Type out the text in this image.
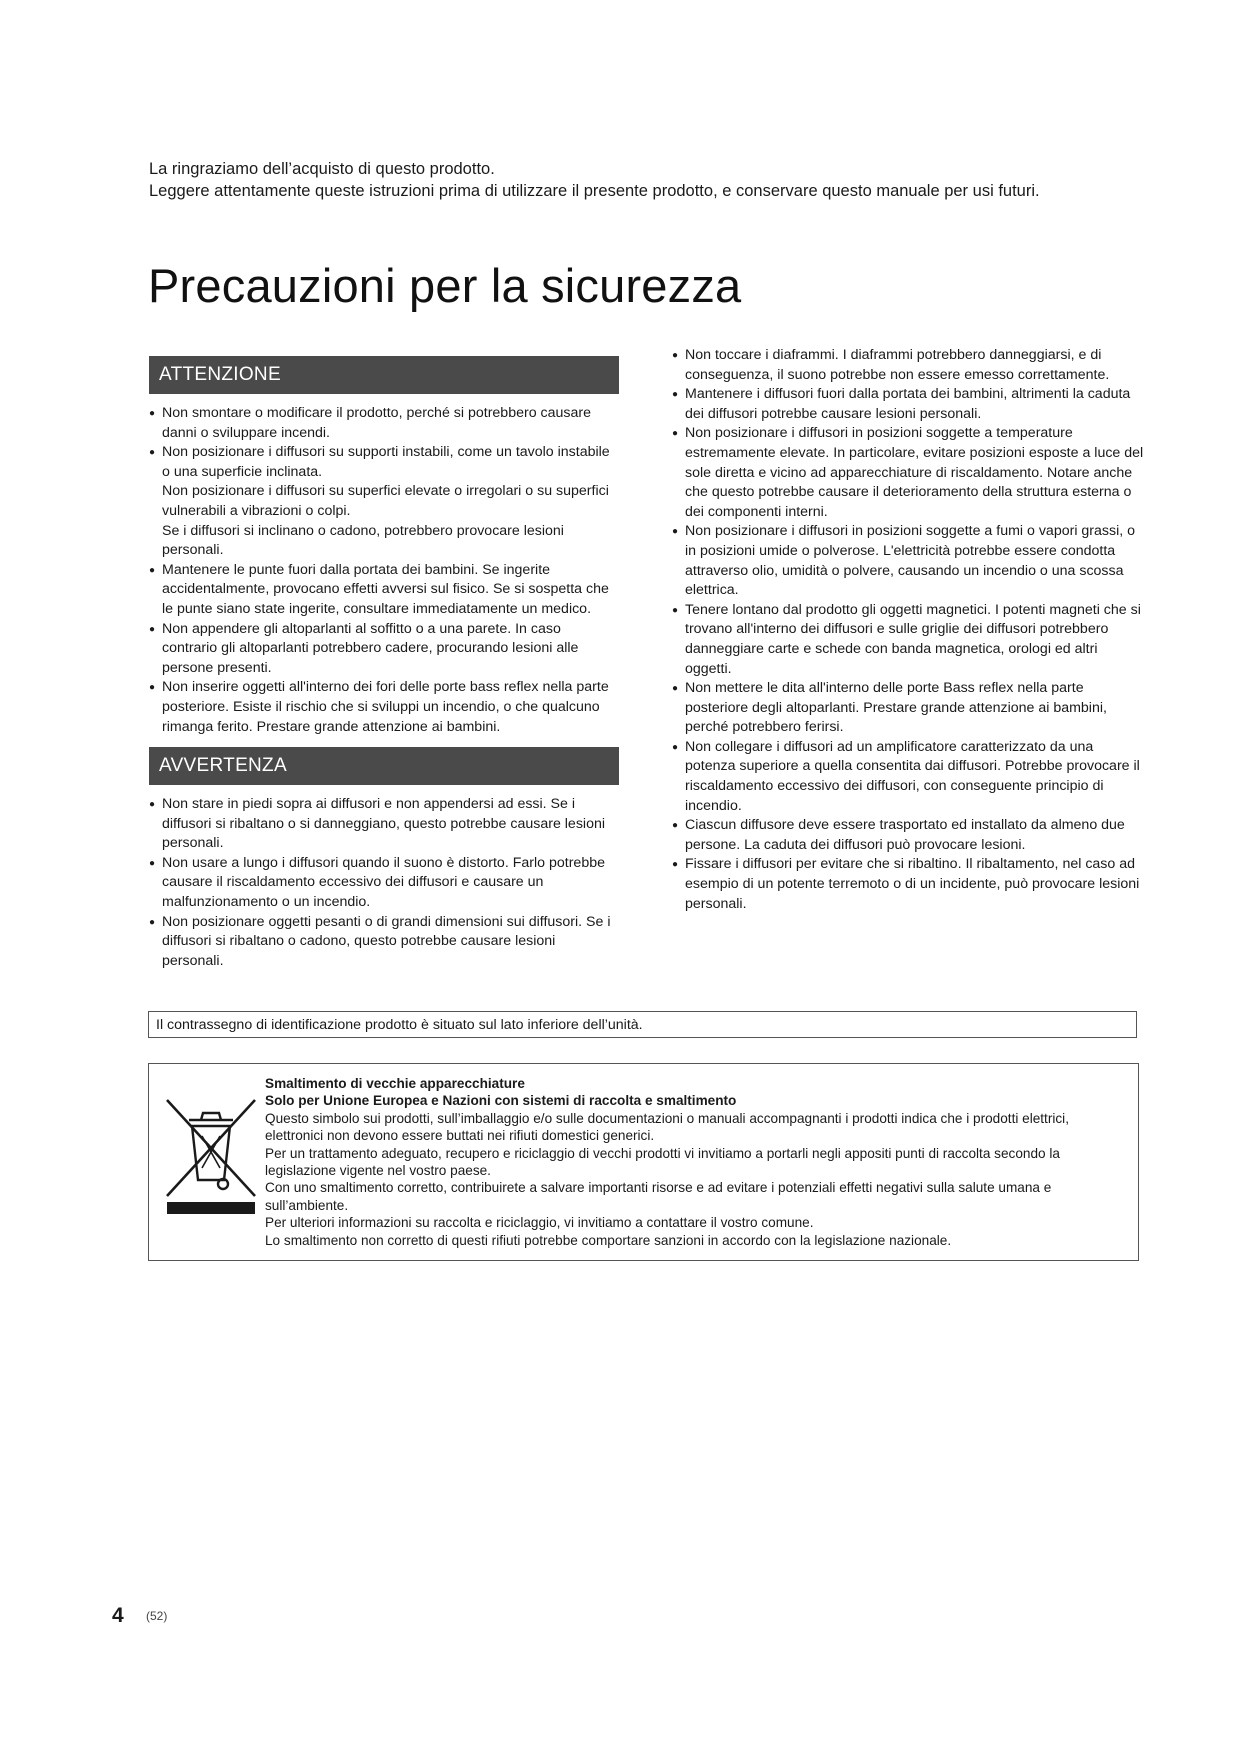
La ringraziamo dell’acquisto di questo prodotto.
Leggere attentamente queste istruzioni prima di utilizzare il presente prodotto, e conservare questo manuale per usi futuri.
Precauzioni per la sicurezza
ATTENZIONE

● Non smontare o modificare il prodotto, perché si potrebbero causare danni o sviluppare incendi.

● Non posizionare i diffusori su supporti instabili, come un tavolo instabile o una superficie inclinata.

Non posizionare i diffusori su superfici elevate o irregolari o su superfici vulnerabili a vibrazioni o colpi.

Se i diffusori si inclinano o cadono, potrebbero provocare lesioni personali.

● Mantenere le punte fuori dalla portata dei bambini. Se ingerite accidentalmente, provocano effetti avversi sul fisico. Se si sospetta che le punte siano state ingerite, consultare immediatamente un medico.

● Non appendere gli altoparlanti al soffitto o a una parete. In caso contrario gli altoparlanti potrebbero cadere, procurando lesioni alle persone presenti.

● Non inserire oggetti all'interno dei fori delle porte bass reflex nella parte posteriore. Esiste il rischio che si sviluppi un incendio, o che qualcuno rimanga ferito. Prestare grande attenzione ai bambini.

AVVERTENZA

● Non stare in piedi sopra ai diffusori e non appendersi ad essi. Se i diffusori si ribaltano o si danneggiano, questo potrebbe causare lesioni personali.

● Non usare a lungo i diffusori quando il suono è distorto. Farlo potrebbe causare il riscaldamento eccessivo dei diffusori e causare un malfunzionamento o un incendio.

● Non posizionare oggetti pesanti o di grandi dimensioni sui diffusori. Se i diffusori si ribaltano o cadono, questo potrebbe causare lesioni personali.

● Non toccare i diaframmi. I diaframmi potrebbero danneggiarsi, e di conseguenza, il suono potrebbe non essere emesso correttamente.

● Mantenere i diffusori fuori dalla portata dei bambini, altrimenti la caduta dei diffusori potrebbe causare lesioni personali.

● Non posizionare i diffusori in posizioni soggette a temperature estremamente elevate. In particolare, evitare posizioni esposte a luce del sole diretta e vicino ad apparecchiature di riscaldamento. Notare anche che questo potrebbe causare il deterioramento della struttura esterna o dei componenti interni.

● Non posizionare i diffusori in posizioni soggette a fumi o vapori grassi, o in posizioni umide o polverose. L'elettricità potrebbe essere condotta attraverso olio, umidità o polvere, causando un incendio o una scossa elettrica.

● Tenere lontano dal prodotto gli oggetti magnetici. I potenti magneti che si trovano all'interno dei diffusori e sulle griglie dei diffusori potrebbero danneggiare carte e schede con banda magnetica, orologi ed altri oggetti.

● Non mettere le dita all'interno delle porte Bass reflex nella parte posteriore degli altoparlanti. Prestare grande attenzione ai bambini, perché potrebbero ferirsi.

● Non collegare i diffusori ad un amplificatore caratterizzato da una potenza superiore a quella consentita dai diffusori. Potrebbe provocare il riscaldamento eccessivo dei diffusori, con conseguente principio di incendio.

● Ciascun diffusore deve essere trasportato ed installato da almeno due persone. La caduta dei diffusori può provocare lesioni.

● Fissare i diffusori per evitare che si ribaltino. Il ribaltamento, nel caso ad esempio di un potente terremoto o di un incidente, può provocare lesioni personali.

Il contrassegno di identificazione prodotto è situato sul lato inferiore dell’unità.

Smaltimento di vecchie apparecchiature

Solo per Unione Europea e Nazioni con sistemi di raccolta e smaltimento

Questo simbolo sui prodotti, sull’imballaggio e/o sulle documentazioni o manuali accompagnanti i prodotti indica che i prodotti elettrici, elettronici non devono essere buttati nei rifiuti domestici generici.

Per un trattamento adeguato, recupero e riciclaggio di vecchi prodotti vi invitiamo a portarli negli appositi punti di raccolta secondo la legislazione vigente nel vostro paese.

Con uno smaltimento corretto, contribuirete a salvare importanti risorse e ad evitare i potenziali effetti negativi sulla salute umana e sull’ambiente.

Per ulteriori informazioni su raccolta e riciclaggio, vi invitiamo a contattare il vostro comune.

Lo smaltimento non corretto di questi rifiuti potrebbe comportare sanzioni in accordo con la legislazione nazionale.

4 (52)
